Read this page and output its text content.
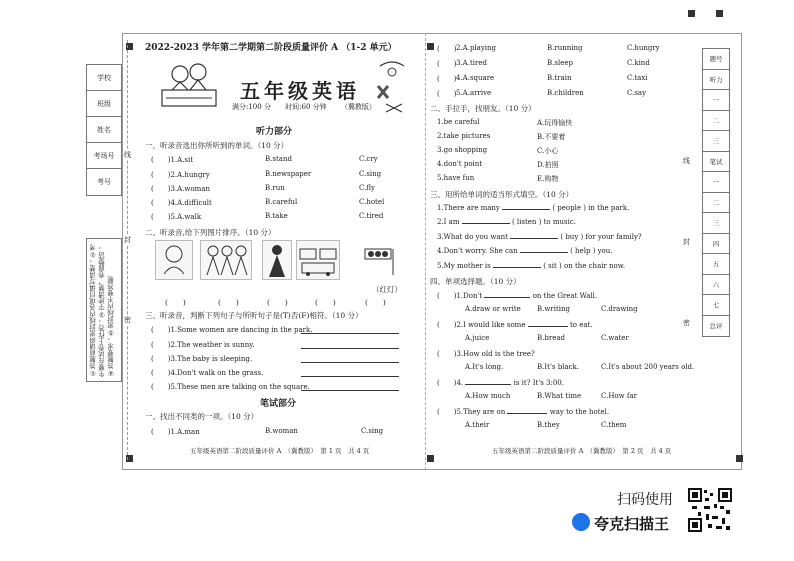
学校
班级
姓名
考场号
考号
①答题前请将密封线内各项目填写清楚；②考生要在试卷上作答；③字迹清楚，卷面整洁；④答题要求；⑤密封线内不要答题
线
封
密
2022-2023 学年第二学期第二阶段质量评价 A （1-2 单元）
五年级英语
满分:100 分 时间:60 分钟 （冀教版）
听力部分
一、听录音选出你所听到的单词。（10 分）
(　　)1.A.sit	B.stand	C.cry
(　　)2.A.hungry	B.newspaper	C.sing
(　　)3.A.woman	B.run	C.fly
(　　)4.A.difficult	B.careful	C.hotel
(　　)5.A.walk	B.take	C.tired
二、听录音,给下列图片排序。（10 分）
（红灯）
(　　)	(　　)	(　　)	(　　)	(　　)
三、听录音，判断下列句子与所听句子是(T)否(F)相符。（10 分）
(　　)1.Some women are dancing in the park.
(　　)2.The weather is sunny.
(　　)3.The baby is sleeping.
(　　)4.Don't walk on the grass.
(　　)5.These men are talking on the square.
笔试部分
一、找出不同类的一项。（10 分）
(　　)1.A.man	B.woman	C.sing
五年级英语第二阶段质量评价 A　（冀教版）　第 1 页　共 4 页
(　　) 2.A.playing	B.running	C.hungry
(　　) 3.A.tired	B.sleep	C.kind
(　　) 4.A.square	B.train	C.taxi
(　　) 5.A.arrive	B.children	C.say
二、手拉手，找朋友。（10 分）
1.be careful	A.玩得愉快
2.take pictures	B.不要着
3.go shopping	C.小心
4.don't point	D.拍照
5.have fun	E.购物
三、用所给单词的适当形式填空。（10 分）
1.There are many	( people ) in the park.
2.I am	( listen ) to music.
3.What do you want	( buy ) for your family?
4.Don't worry. She can	( help ) you.
5.My mother is	( sit ) on the chair now.
四、单项选择题。（10 分）
(　　)1.Don't	on the Great Wall.
A.draw or write B.writing	C.drawing
(　　)2.I would like some	to eat.
A.juice	B.bread	C.water
(　　)3.How old is the tree?
A.It's long.	B.It's black.	C.It's about 200 years old.
(　　)4.	is it? It's 3:00.
A.How much	B.What time	C.How far
(　　)5.They are on	way to the hotel.
A.their	B.they	C.them
五年级英语第二阶段质量评价 A　（冀教版）　第 2 页　共 4 页
题号
听力
一
二
三
笔试
一
二
三
四
五
六
七
总评
线
封
密
扫码使用
夸克扫描王
